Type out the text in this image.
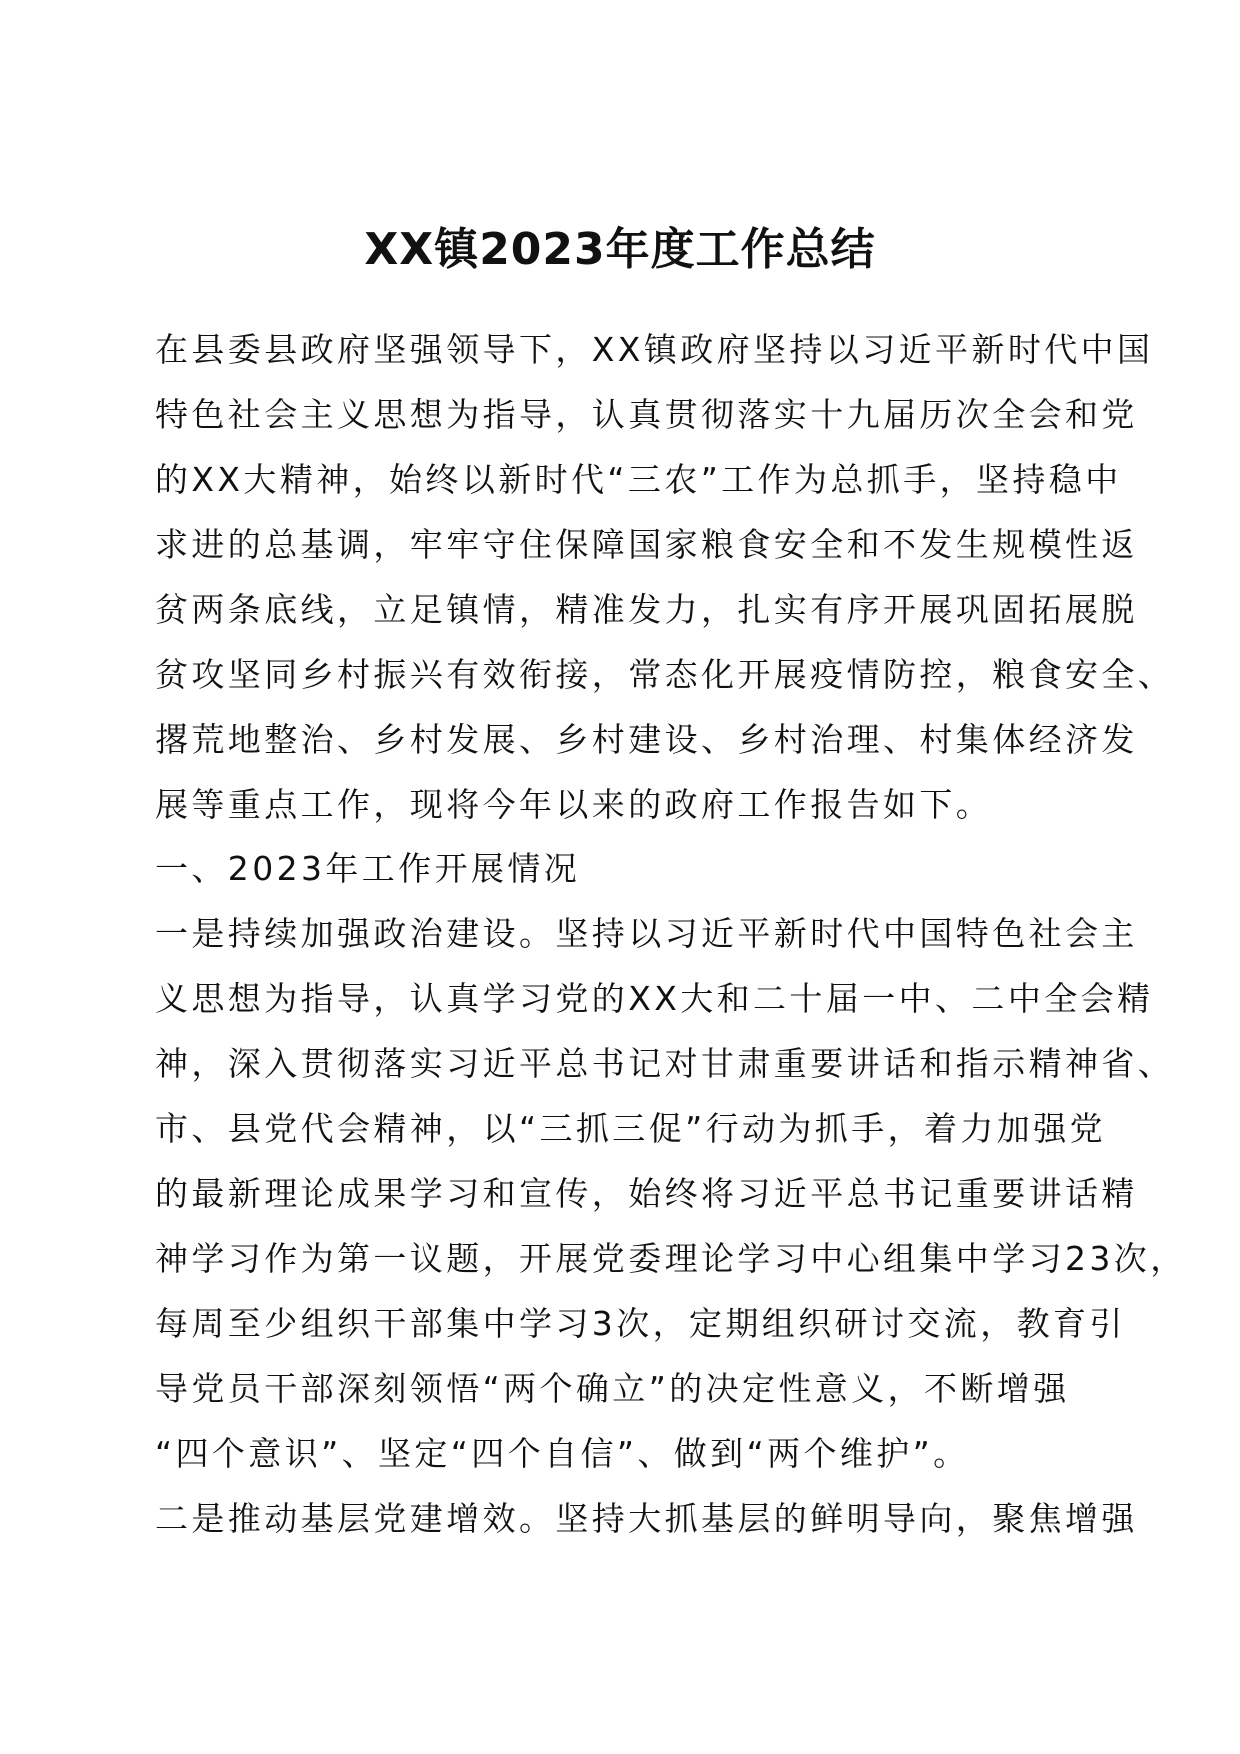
XX镇2023年度工作总结

在县委县政府坚强领导下，XX镇政府坚持以习近平新时代中国

特色社会主义思想为指导，认真贯彻落实十九届历次全会和党

的XX大精神，始终以新时代“三农”工作为总抓手，坚持稳中

求进的总基调，牢牢守住保障国家粮食安全和不发生规模性返

贫两条底线，立足镇情，精准发力，扎实有序开展巩固拓展脱

贫攻坚同乡村振兴有效衔接，常态化开展疫情防控，粮食安全、

撂荒地整治、乡村发展、乡村建设、乡村治理、村集体经济发

展等重点工作，现将今年以来的政府工作报告如下。

一、2023年工作开展情况

一是持续加强政治建设。坚持以习近平新时代中国特色社会主

义思想为指导，认真学习党的XX大和二十届一中、二中全会精

神，深入贯彻落实习近平总书记对甘肃重要讲话和指示精神省、

市、县党代会精神，以“三抓三促”行动为抓手，着力加强党

的最新理论成果学习和宣传，始终将习近平总书记重要讲话精

神学习作为第一议题，开展党委理论学习中心组集中学习23次，

每周至少组织干部集中学习3次，定期组织研讨交流，教育引

导党员干部深刻领悟“两个确立”的决定性意义，不断增强

“四个意识”、坚定“四个自信”、做到“两个维护”。

二是推动基层党建增效。坚持大抓基层的鲜明导向，聚焦增强
